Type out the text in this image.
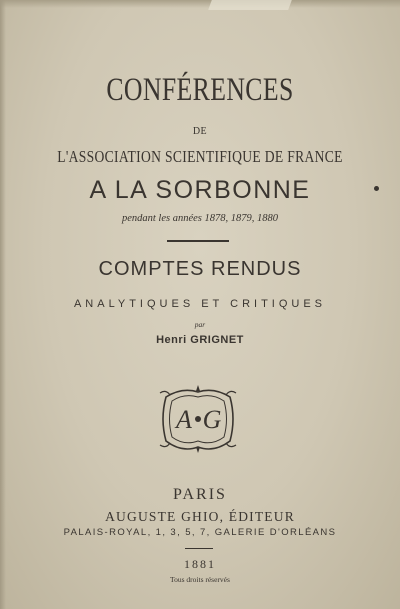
CONFÉRENCES
DE
L'ASSOCIATION SCIENTIFIQUE DE FRANCE
A LA SORBONNE
pendant les années 1878, 1879, 1880
COMPTES RENDUS
ANALYTIQUES ET CRITIQUES
par
Henri GRIGNET
A G
PARIS
AUGUSTE GHIO, ÉDITEUR
PALAIS-ROYAL, 1, 3, 5, 7, GALERIE D'ORLÉANS
1881
Tous droits réservés
